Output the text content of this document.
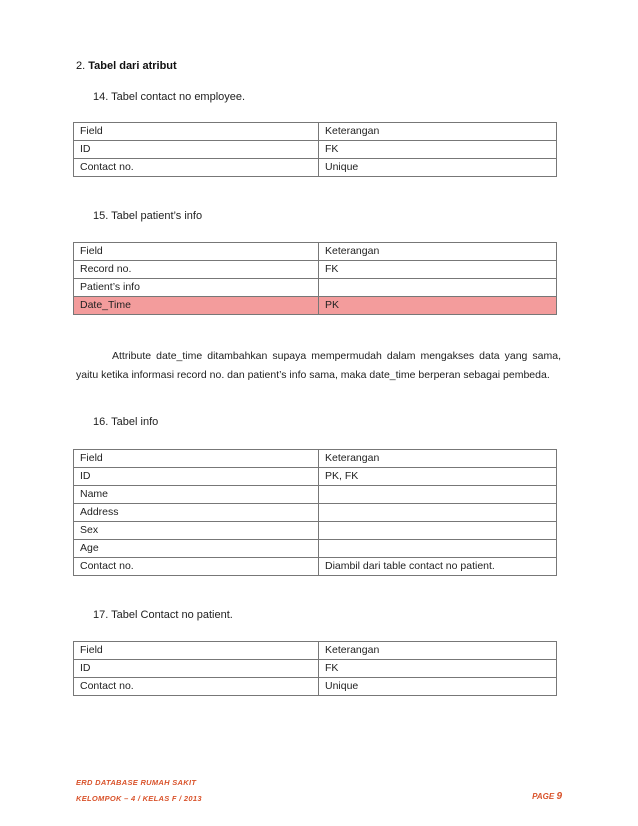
2. Tabel dari atribut
14. Tabel contact no employee.
Field	Keterangan
ID	FK
Contact no.	Unique
15. Tabel patient’s info
Field	Keterangan
Record no.	FK
Patient’s info	
Date_Time	PK

Attribute date_time ditambahkan supaya mempermudah dalam mengakses data yang sama, yaitu ketika informasi record no. dan patient’s info sama, maka date_time berperan sebagai pembeda.

16. Tabel info
Field	Keterangan
ID	PK, FK
Name	
Address	
Sex	
Age	
Contact no.	Diambil dari table contact no patient.
17. Tabel Contact no patient.
Field	Keterangan
ID	FK
Contact no.	Unique
ERD DATABASE RUMAH SAKIT
KELOMPOK – 4 / KELAS F / 2013	PAGE 9
